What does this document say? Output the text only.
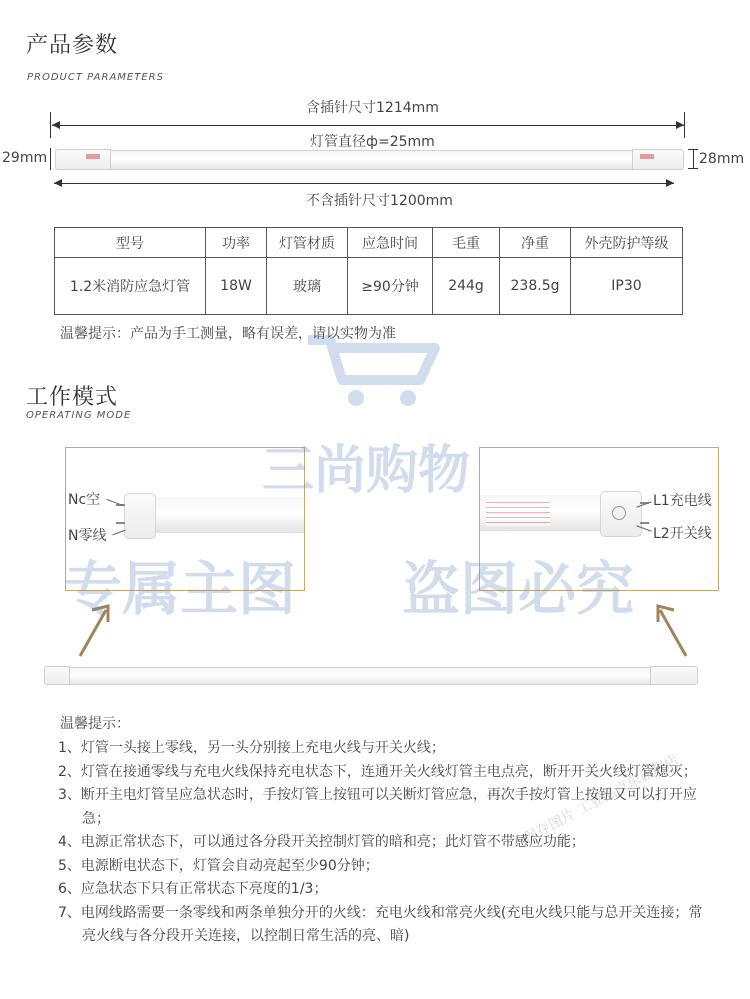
产品参数
PRODUCT PARAMETERS
含插针尺寸1214mm
灯管直径ф=25mm
29mm	28mm
不含插针尺寸1200mm
型号	功率	灯管材质	应急时间	毛重	净重	外壳防护等级
1.2米消防应急灯管	18W	玻璃	≥90分钟	244g	238.5g	IP30
温馨提示：产品为手工测量，略有误差，请以实物为准
工作模式
OPERATING MODE
Nc空
N零线
L1充电线
L2开关线
三尚购物
专属主图 盗图必究
保存图片 工业品京东旗舰店
温馨提示：
1、灯管一头接上零线，另一头分别接上充电火线与开关火线；
2、灯管在接通零线与充电火线保持充电状态下，连通开关火线灯管主电点亮，断开开关火线灯管熄灭；
3、断开主电灯管呈应急状态时，手按灯管上按钮可以关断灯管应急，再次手按灯管上按钮又可以打开应急；
4、电源正常状态下，可以通过各分段开关控制灯管的暗和亮；此灯管不带感应功能；
5、电源断电状态下，灯管会自动亮起至少90分钟；
6、应急状态下只有正常状态下亮度的1/3；
7、电网线路需要一条零线和两条单独分开的火线：充电火线和常亮火线(充电火线只能与总开关连接；常亮火线与各分段开关连接，以控制日常生活的亮、暗)
